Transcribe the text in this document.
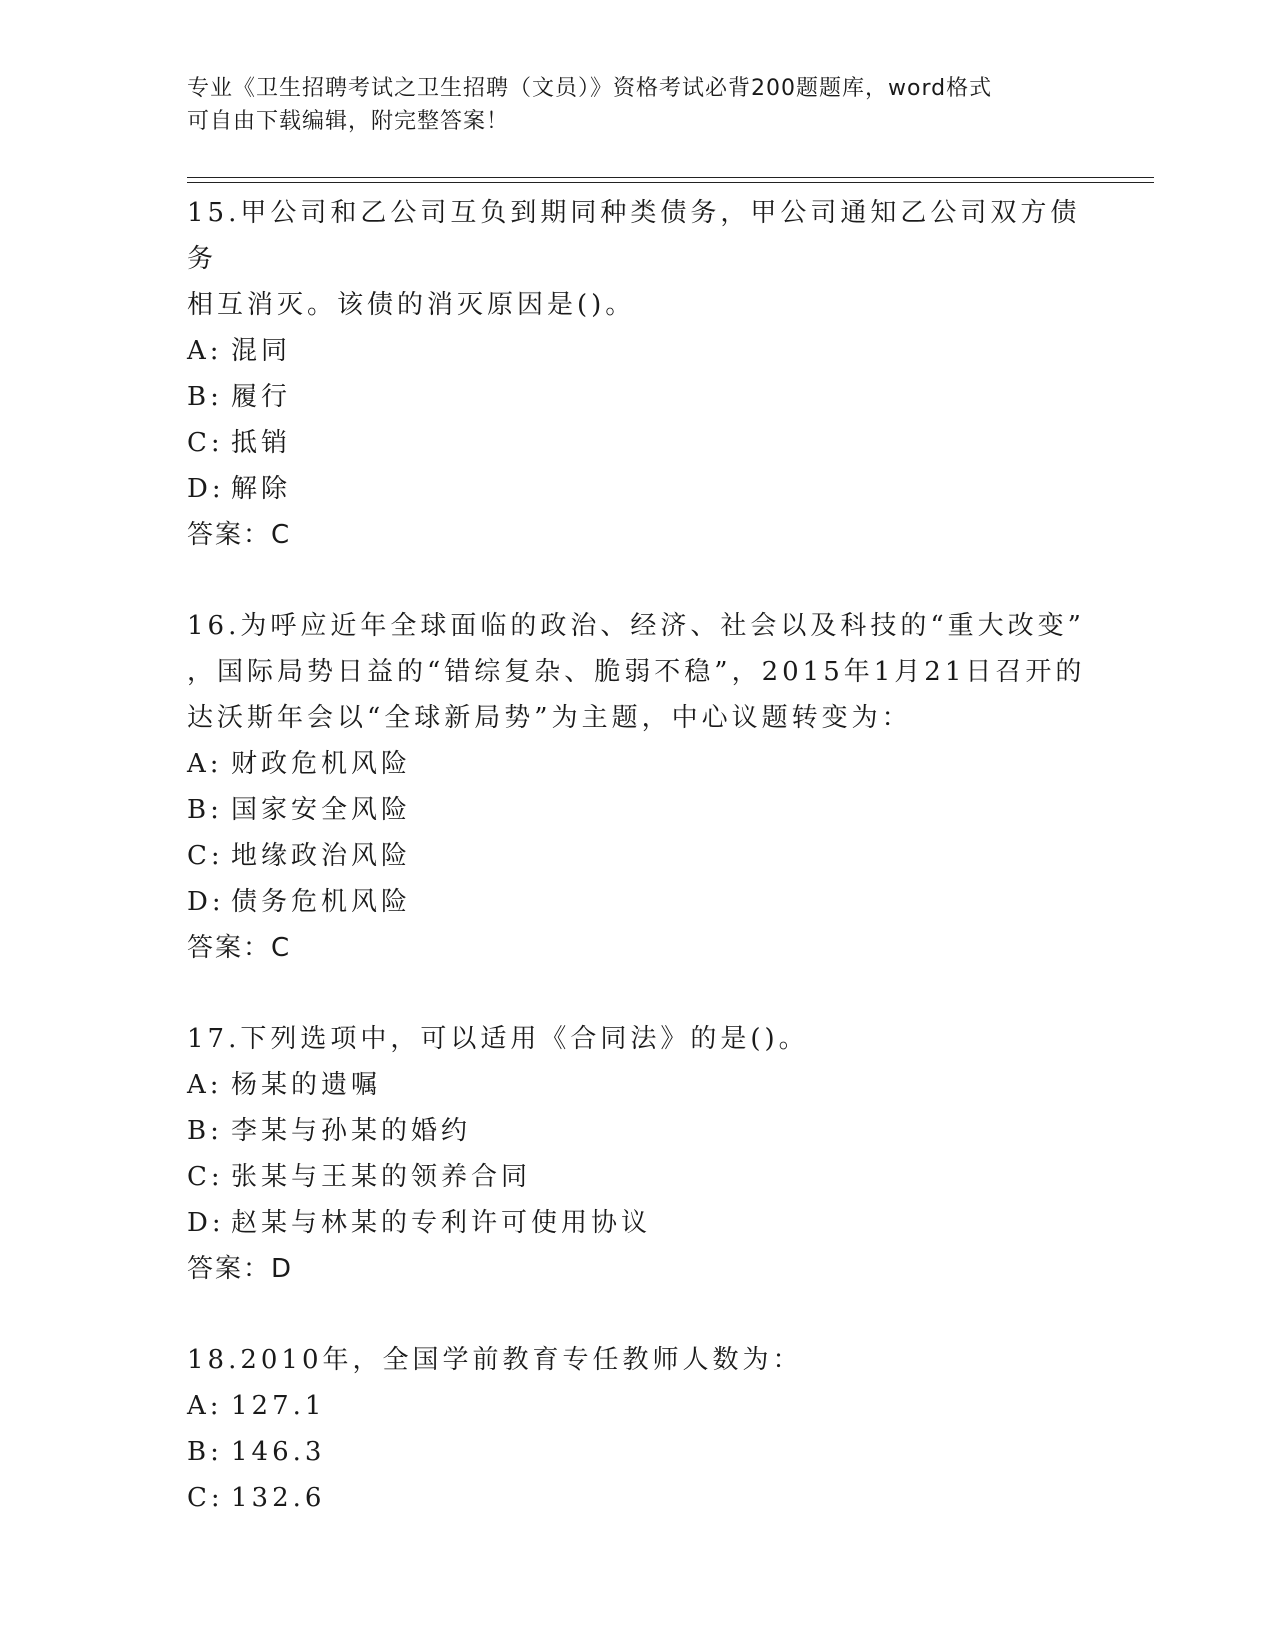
专业《卫生招聘考试之卫生招聘（文员）》资格考试必背200题题库，word格式
可自由下载编辑，附完整答案！
15.甲公司和乙公司互负到期同种类债务，甲公司通知乙公司双方债务
相互消灭。该债的消灭原因是()。
A: 混同
B: 履行
C: 抵销
D: 解除
答案：C
16.为呼应近年全球面临的政治、经济、社会以及科技的“重大改变”
，国际局势日益的“错综复杂、脆弱不稳”，2015年1月21日召开的
达沃斯年会以“全球新局势”为主题，中心议题转变为：
A: 财政危机风险
B: 国家安全风险
C: 地缘政治风险
D: 债务危机风险
答案：C
17.下列选项中，可以适用《合同法》的是()。
A: 杨某的遗嘱
B: 李某与孙某的婚约
C: 张某与王某的领养合同
D: 赵某与林某的专利许可使用协议
答案：D
18.2010年，全国学前教育专任教师人数为：
A: 127.1
B: 146.3
C: 132.6
